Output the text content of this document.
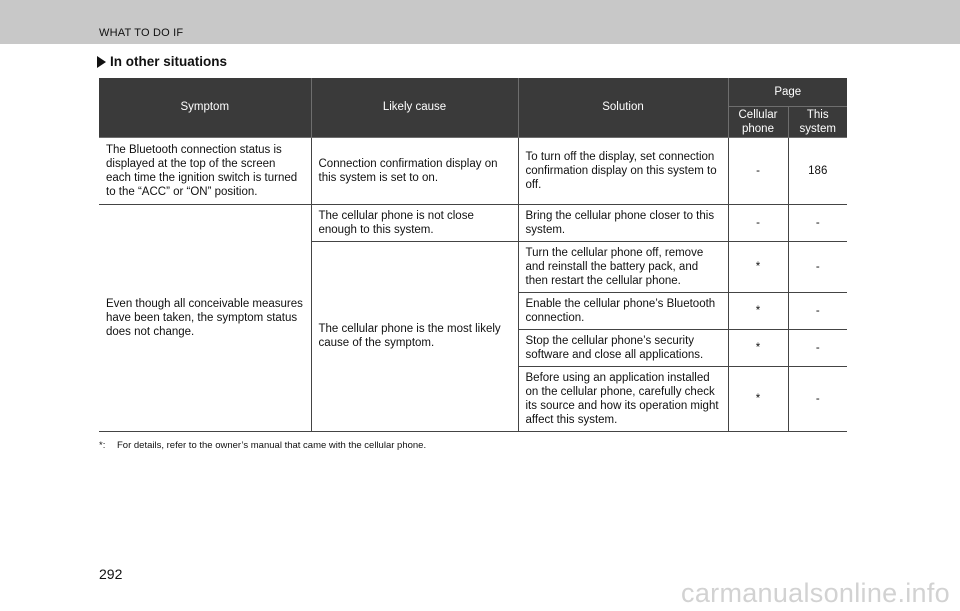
WHAT TO DO IF
In other situations
Symptom	Likely cause	Solution	Page	
			Cellular phone	This system
The Bluetooth connection status is displayed at the top of the screen each time the ignition switch is turned to the “ACC” or “ON” position.	Connection confirmation display on this system is set to on.	To turn off the display, set connection confirmation display on this system to off.	-	186
Even though all conceivable measures have been taken, the symptom status does not change.	The cellular phone is not close enough to this system.	Bring the cellular phone closer to this system.	-	-
	The cellular phone is the most likely cause of the symptom.	Turn the cellular phone off, remove and reinstall the battery pack, and then restart the cellular phone.	*	-
		Enable the cellular phone’s Bluetooth connection.	*	-
		Stop the cellular phone’s security software and close all applications.	*	-
		Before using an application installed on the cellular phone, carefully check its source and how its operation might affect this system.	*	-
*:	For details, refer to the owner’s manual that came with the cellular phone.
292
carmanualsonline.info
